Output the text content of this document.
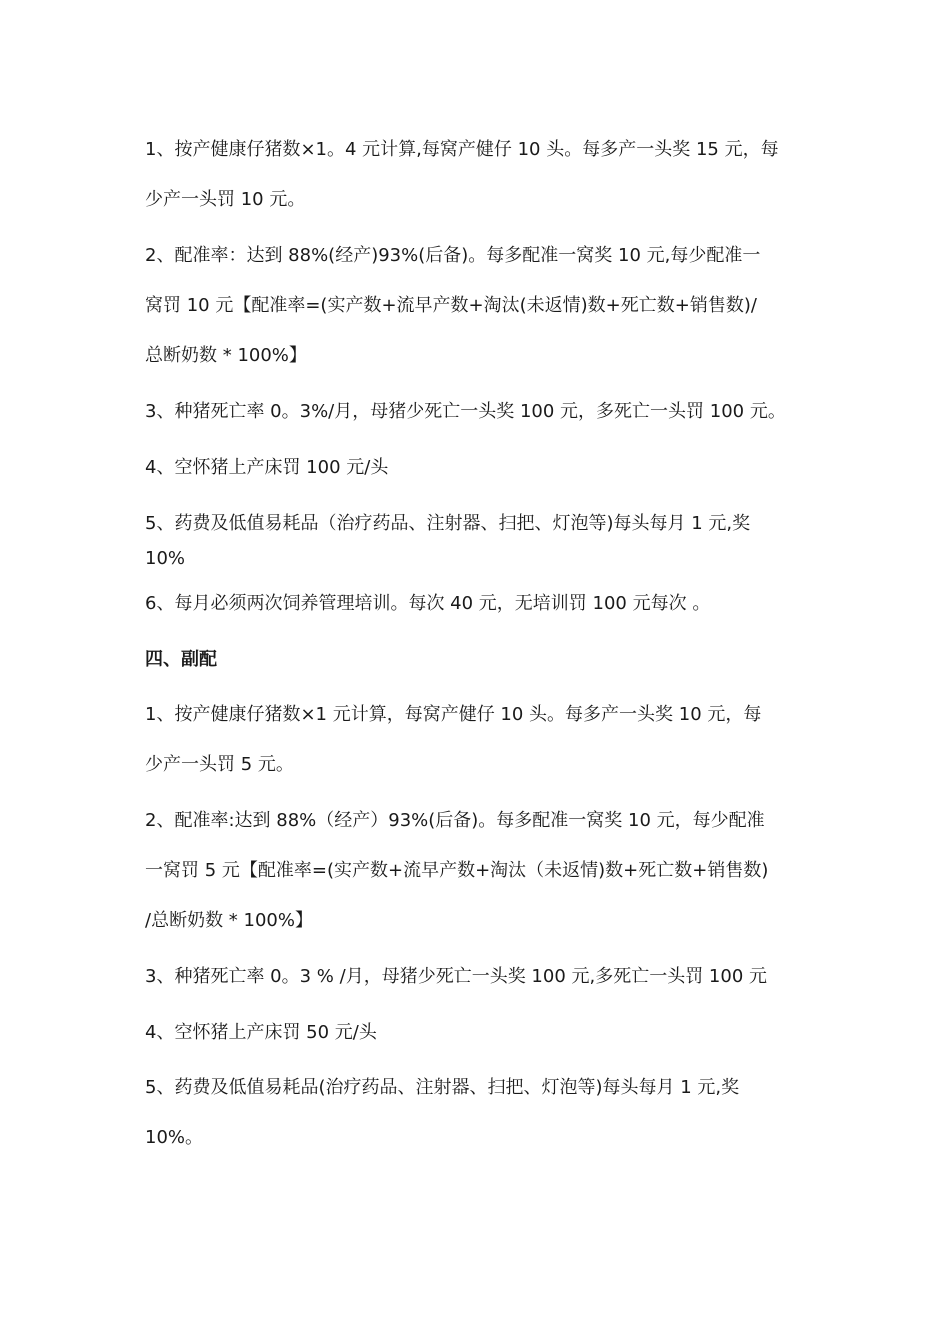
1、按产健康仔猪数×1。4 元计算,每窝产健仔 10 头。每多产一头奖 15 元，每
少产一头罚 10 元。
2、配准率：达到 88%(经产)93%(后备)。每多配准一窝奖 10 元,每少配准一
窝罚 10 元【配准率=(实产数+流早产数+淘汰(未返情)数+死亡数+销售数)/
总断奶数 * 100%】
3、种猪死亡率 0。3%/月，母猪少死亡一头奖 100 元，多死亡一头罚 100 元。
4、空怀猪上产床罚 100 元/头
5、药费及低值易耗品（治疗药品、注射器、扫把、灯泡等)每头每月 1 元,奖
10%
6、每月必须两次饲养管理培训。每次 40 元，无培训罚 100 元每次 。
四、副配
1、按产健康仔猪数×1 元计算，每窝产健仔 10 头。每多产一头奖 10 元，每
少产一头罚 5 元。
2、配准率:达到 88%（经产）93%(后备)。每多配准一窝奖 10 元，每少配准
一窝罚 5 元【配准率=(实产数+流早产数+淘汰（未返情)数+死亡数+销售数)
/总断奶数 * 100%】
3、种猪死亡率 0。3 % /月，母猪少死亡一头奖 100 元,多死亡一头罚 100 元
4、空怀猪上产床罚 50 元/头
5、药费及低值易耗品(治疗药品、注射器、扫把、灯泡等)每头每月 1 元,奖
10%。
